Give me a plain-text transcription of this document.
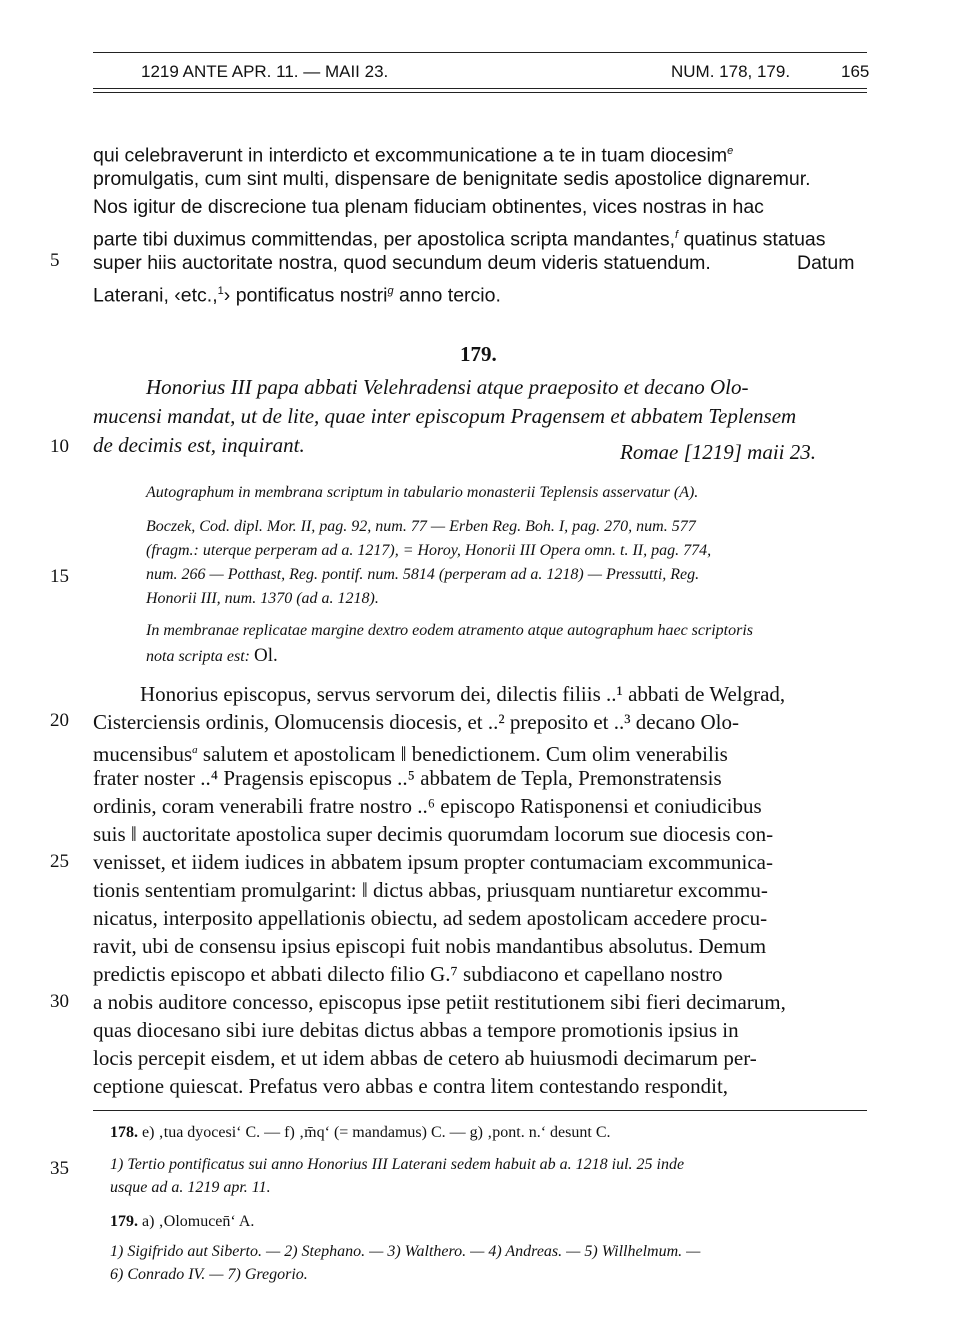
1219 ANTE APR. 11. — MAII 23.	NUM. 178, 179.	165
qui celebraverunt in interdicto et excommunicatione a te in tuam diocesim$^e$
promulgatis, cum sint multi, dispensare de benignitate sedis apostolice dignaremur.
Nos igitur de discrecione tua plenam fiduciam obtinentes, vices nostras in hac
parte tibi duximus committendas, per apostolica scripta mandantes,$^f$ quatinus statuas
5 super hiis auctoritate nostra, quod secundum deum videris statuendum.	Datum
Laterani, ‹etc.,$^1$› pontificatus nostri$^g$ anno tercio.
179.
Honorius III papa abbati Velehradensi atque praeposito et decano Olo-
mucensi mandat, ut de lite, quae inter episcopum Pragensem et abbatem Teplensem
10 de decimis est, inquirant.	Romae [1219] maii 23.
Autographum in membrana scriptum in tabulario monasterii Teplensis asservatur (A).
Boczek, Cod. dipl. Mor. II, pag. 92, num. 77 — Erben Reg. Boh. I, pag. 270, num. 577
(fragm.: uterque perperam ad a. 1217), = Horoy, Honorii III Opera omn. t. II, pag. 774,
15	num. 266 — Potthast, Reg. pontif. num. 5814 (perperam ad a. 1218) — Pressutti, Reg.
Honorii III, num. 1370 (ad a. 1218).
In membranae replicatae margine dextro eodem atramento atque autographum haec scriptoris
nota scripta est: Ol.
Honorius episcopus, servus servorum dei, dilectis filiis ..¹ abbati de Welgrad,
20 Cisterciensis ordinis, Olomucensis diocesis, et ..² preposito et ..³ decano Olo-
mucensibus$^a$ salutem et apostolicam ‖ benedictionem. Cum olim venerabilis
frater noster ..⁴ Pragensis episcopus ..⁵ abbatem de Tepla, Premonstratensis
ordinis, coram venerabili fratre nostro ..⁶ episcopo Ratisponensi et coniudicibus
suis ‖ auctoritate apostolica super decimis quorumdam locorum sue diocesis con-
25 venisset, et iidem iudices in abbatem ipsum propter contumaciam excommunica-
tionis sententiam promulgarint: ‖ dictus abbas, priusquam nuntiaretur excommu-
nicatus, interposito appellationis obiectu, ad sedem apostolicam accedere procu-
ravit, ubi de consensu ipsius episcopi fuit nobis mandantibus absolutus. Demum
predictis episcopo et abbati dilecto filio G.⁷ subdiacono et capellano nostro
30 a nobis auditore concesso, episcopus ipse petiit restitutionem sibi fieri decimarum,
quas diocesano sibi iure debitas dictus abbas a tempore promotionis ipsius in
locis percepit eisdem, et ut idem abbas de cetero ab huiusmodi decimarum per-
ceptione quiescat. Prefatus vero abbas e contra litem contestando respondit,
178. e) ‚tua dyocesi‘ C. — f) ‚m̄q‘ (= mandamus) C. — g) ‚pont. n.‘ desunt C.
35	1) Tertio pontificatus sui anno Honorius III Laterani sedem habuit ab a. 1218 iul. 25 inde
usque ad a. 1219 apr. 11.
179. a) ‚Olomucen̄‘ A.
1) Sigifrido aut Siberto. — 2) Stephano. — 3) Walthero. — 4) Andreas. — 5) Willhelmum. —
6) Conrado IV. — 7) Gregorio.
